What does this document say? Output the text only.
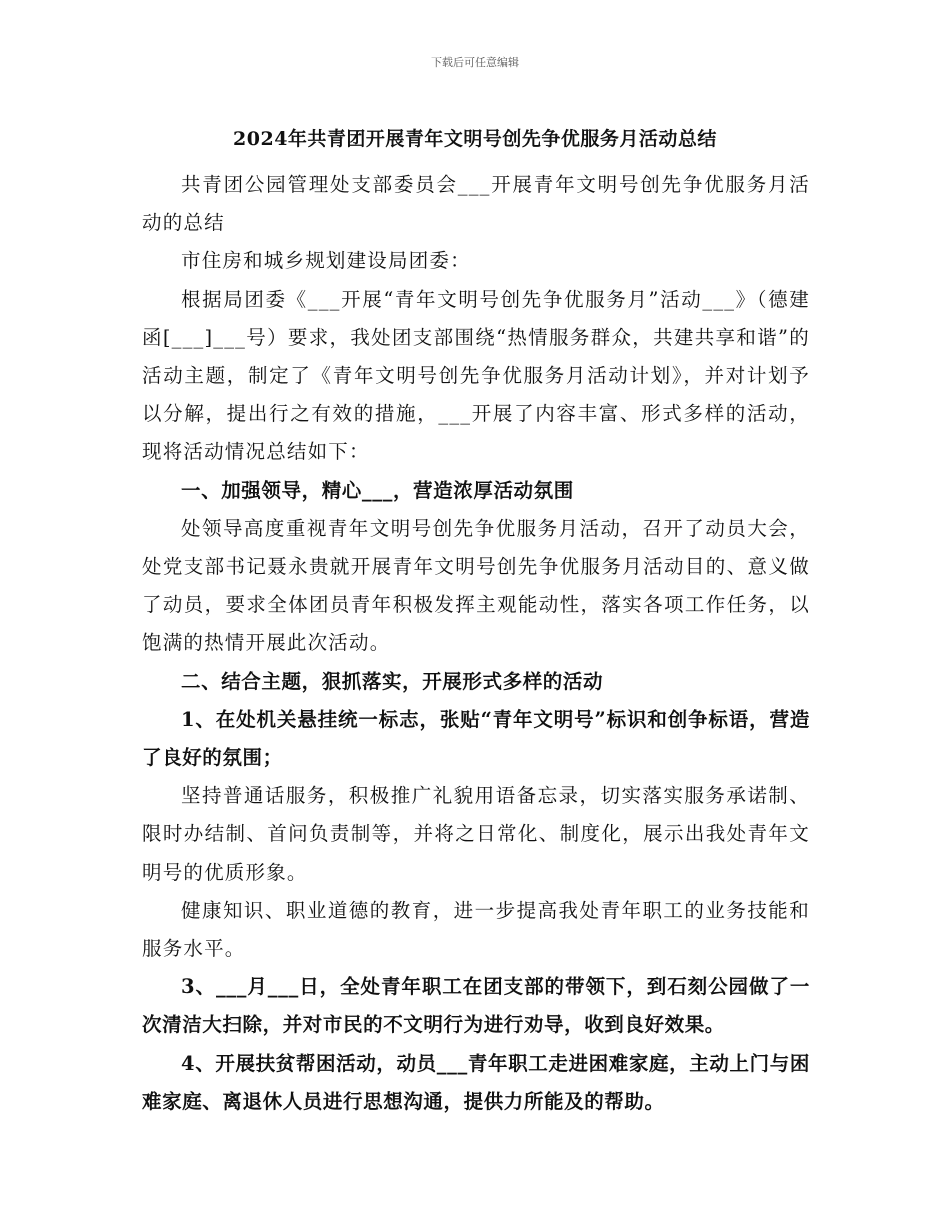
下载后可任意编辑
2024年共青团开展青年文明号创先争优服务月活动总结

共青团公园管理处支部委员会___开展青年文明号创先争优服务月活动的总结

市住房和城乡规划建设局团委：

根据局团委《___开展“青年文明号创先争优服务月”活动___》（德建函[___]___号）要求，我处团支部围绕“热情服务群众，共建共享和谐”的活动主题，制定了《青年文明号创先争优服务月活动计划》，并对计划予以分解，提出行之有效的措施，___开展了内容丰富、形式多样的活动，现将活动情况总结如下：

一、加强领导，精心___，营造浓厚活动氛围

处领导高度重视青年文明号创先争优服务月活动，召开了动员大会，处党支部书记聂永贵就开展青年文明号创先争优服务月活动目的、意义做了动员，要求全体团员青年积极发挥主观能动性，落实各项工作任务，以饱满的热情开展此次活动。

二、结合主题，狠抓落实，开展形式多样的活动

1、在处机关悬挂统一标志，张贴“青年文明号”标识和创争标语，营造了良好的氛围；

坚持普通话服务，积极推广礼貌用语备忘录，切实落实服务承诺制、限时办结制、首问负责制等，并将之日常化、制度化，展示出我处青年文明号的优质形象。

健康知识、职业道德的教育，进一步提高我处青年职工的业务技能和服务水平。

3、___月___日，全处青年职工在团支部的带领下，到石刻公园做了一次清洁大扫除，并对市民的不文明行为进行劝导，收到良好效果。

4、开展扶贫帮困活动，动员___青年职工走进困难家庭，主动上门与困难家庭、离退休人员进行思想沟通，提供力所能及的帮助。
